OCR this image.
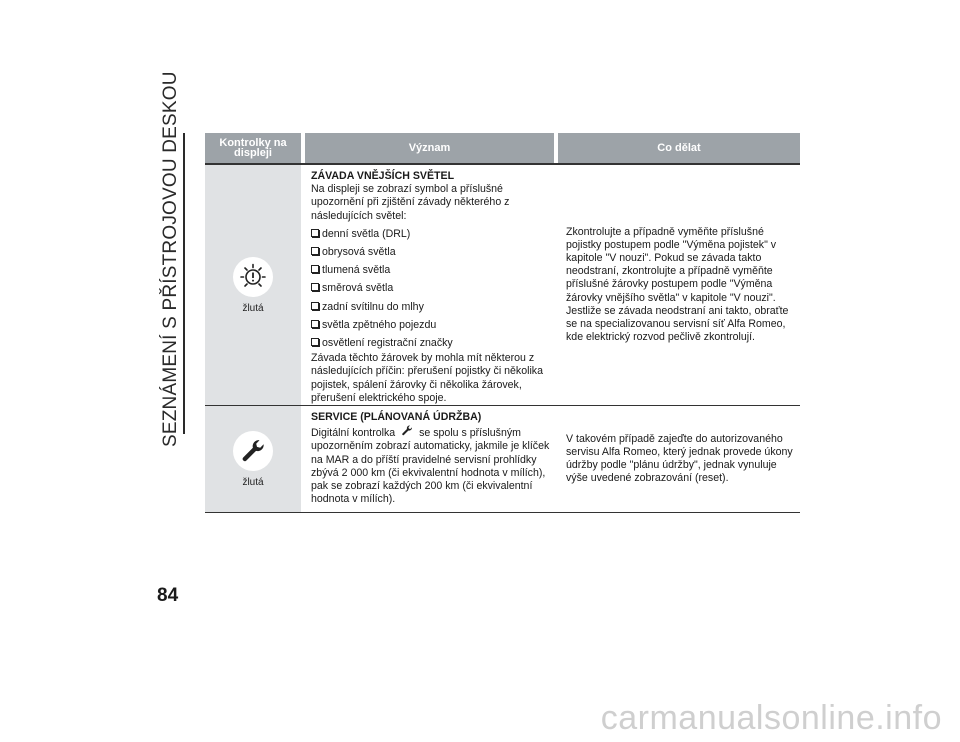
SEZNÁMENÍ S PŘÍSTROJOVOU DESKOU
84
carmanualsonline.info
Kontrolky na displeji	Význam	Co dělat
žlutá
ZÁVADA VNĚJŠÍCH SVĚTEL
Na displeji se zobrazí symbol a příslušné upozornění při zjištění závady některého z následujících světel:
denní světla (DRL)
obrysová světla
tlumená světla
směrová světla
zadní svítilnu do mlhy
světla zpětného pojezdu
osvětlení registrační značky
Závada těchto žárovek by mohla mít některou z následujících příčin: přerušení pojistky či několika pojistek, spálení žárovky či několika žárovek, přerušení elektrického spoje.
Zkontrolujte a případně vyměňte příslušné pojistky postupem podle "Výměna pojistek" v kapitole "V nouzi". Pokud se závada takto neodstraní, zkontrolujte a případně vyměňte příslušné žárovky postupem podle "Výměna žárovky vnějšího světla" v kapitole "V nouzi". Jestliže se závada neodstraní ani takto, obraťte se na specializovanou servisní síť Alfa Romeo, kde elektrický rozvod pečlivě zkontrolují.
žlutá
SERVICE (PLÁNOVANÁ ÚDRŽBA)
Digitální kontrolka se spolu s příslušným upozorněním zobrazí automaticky, jakmile je klíček na MAR a do příští pravidelné servisní prohlídky zbývá 2 000 km (či ekvivalentní hodnota v mílích), pak se zobrazí každých 200 km (či ekvivalentní hodnota v mílích).
V takovém případě zajeďte do autorizovaného servisu Alfa Romeo, který jednak provede úkony údržby podle "plánu údržby", jednak vynuluje výše uvedené zobrazování (reset).
